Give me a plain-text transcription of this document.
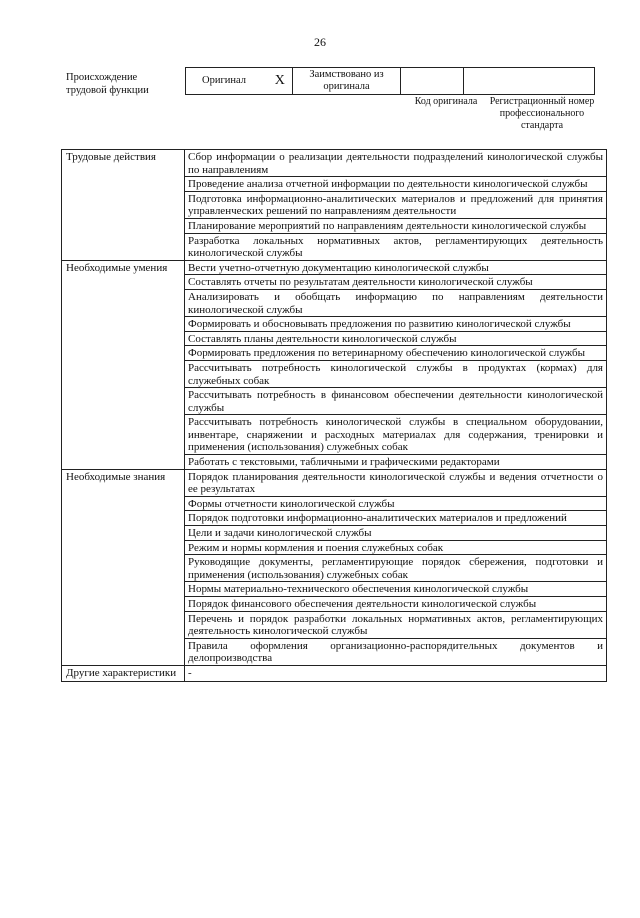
26
Происхождение трудовой функции
Оригинал	X	Заимствовано из оригинала		
Код оригинала	Регистрационный номер профессионального стандарта
Трудовые действия	Сбор информации о реализации деятельности подразделений кинологической службы по направлениям
	Проведение анализа отчетной информации по деятельности кинологической службы
	Подготовка информационно-аналитических материалов и предложений для принятия управленческих решений по направлениям деятельности
	Планирование мероприятий по направлениям деятельности кинологической службы
	Разработка локальных нормативных актов, регламентирующих деятельность кинологической службы
Необходимые умения	Вести учетно-отчетную документацию кинологической службы
	Составлять отчеты по результатам деятельности кинологической службы
	Анализировать и обобщать информацию по направлениям деятельности кинологической службы
	Формировать и обосновывать предложения по развитию кинологической службы
	Составлять планы деятельности кинологической службы
	Формировать предложения по ветеринарному обеспечению кинологической службы
	Рассчитывать потребность кинологической службы в продуктах (кормах) для служебных собак
	Рассчитывать потребность в финансовом обеспечении деятельности кинологической службы
	Рассчитывать потребность кинологической службы в специальном оборудовании, инвентаре, снаряжении и расходных материалах для содержания, тренировки и применения (использования) служебных собак
	Работать с текстовыми, табличными и графическими редакторами
Необходимые знания	Порядок планирования деятельности кинологической службы и ведения отчетности о ее результатах
	Формы отчетности кинологической службы
	Порядок подготовки информационно-аналитических материалов и предложений
	Цели и задачи кинологической службы
	Режим и нормы кормления и поения служебных собак
	Руководящие документы, регламентирующие порядок сбережения, подготовки и применения (использования) служебных собак
	Нормы материально-технического обеспечения кинологической службы
	Порядок финансового обеспечения деятельности кинологической службы
	Перечень и порядок разработки локальных нормативных актов, регламентирующих деятельность кинологической службы
	Правила оформления организационно-распорядительных документов и делопроизводства
Другие характеристики	-
